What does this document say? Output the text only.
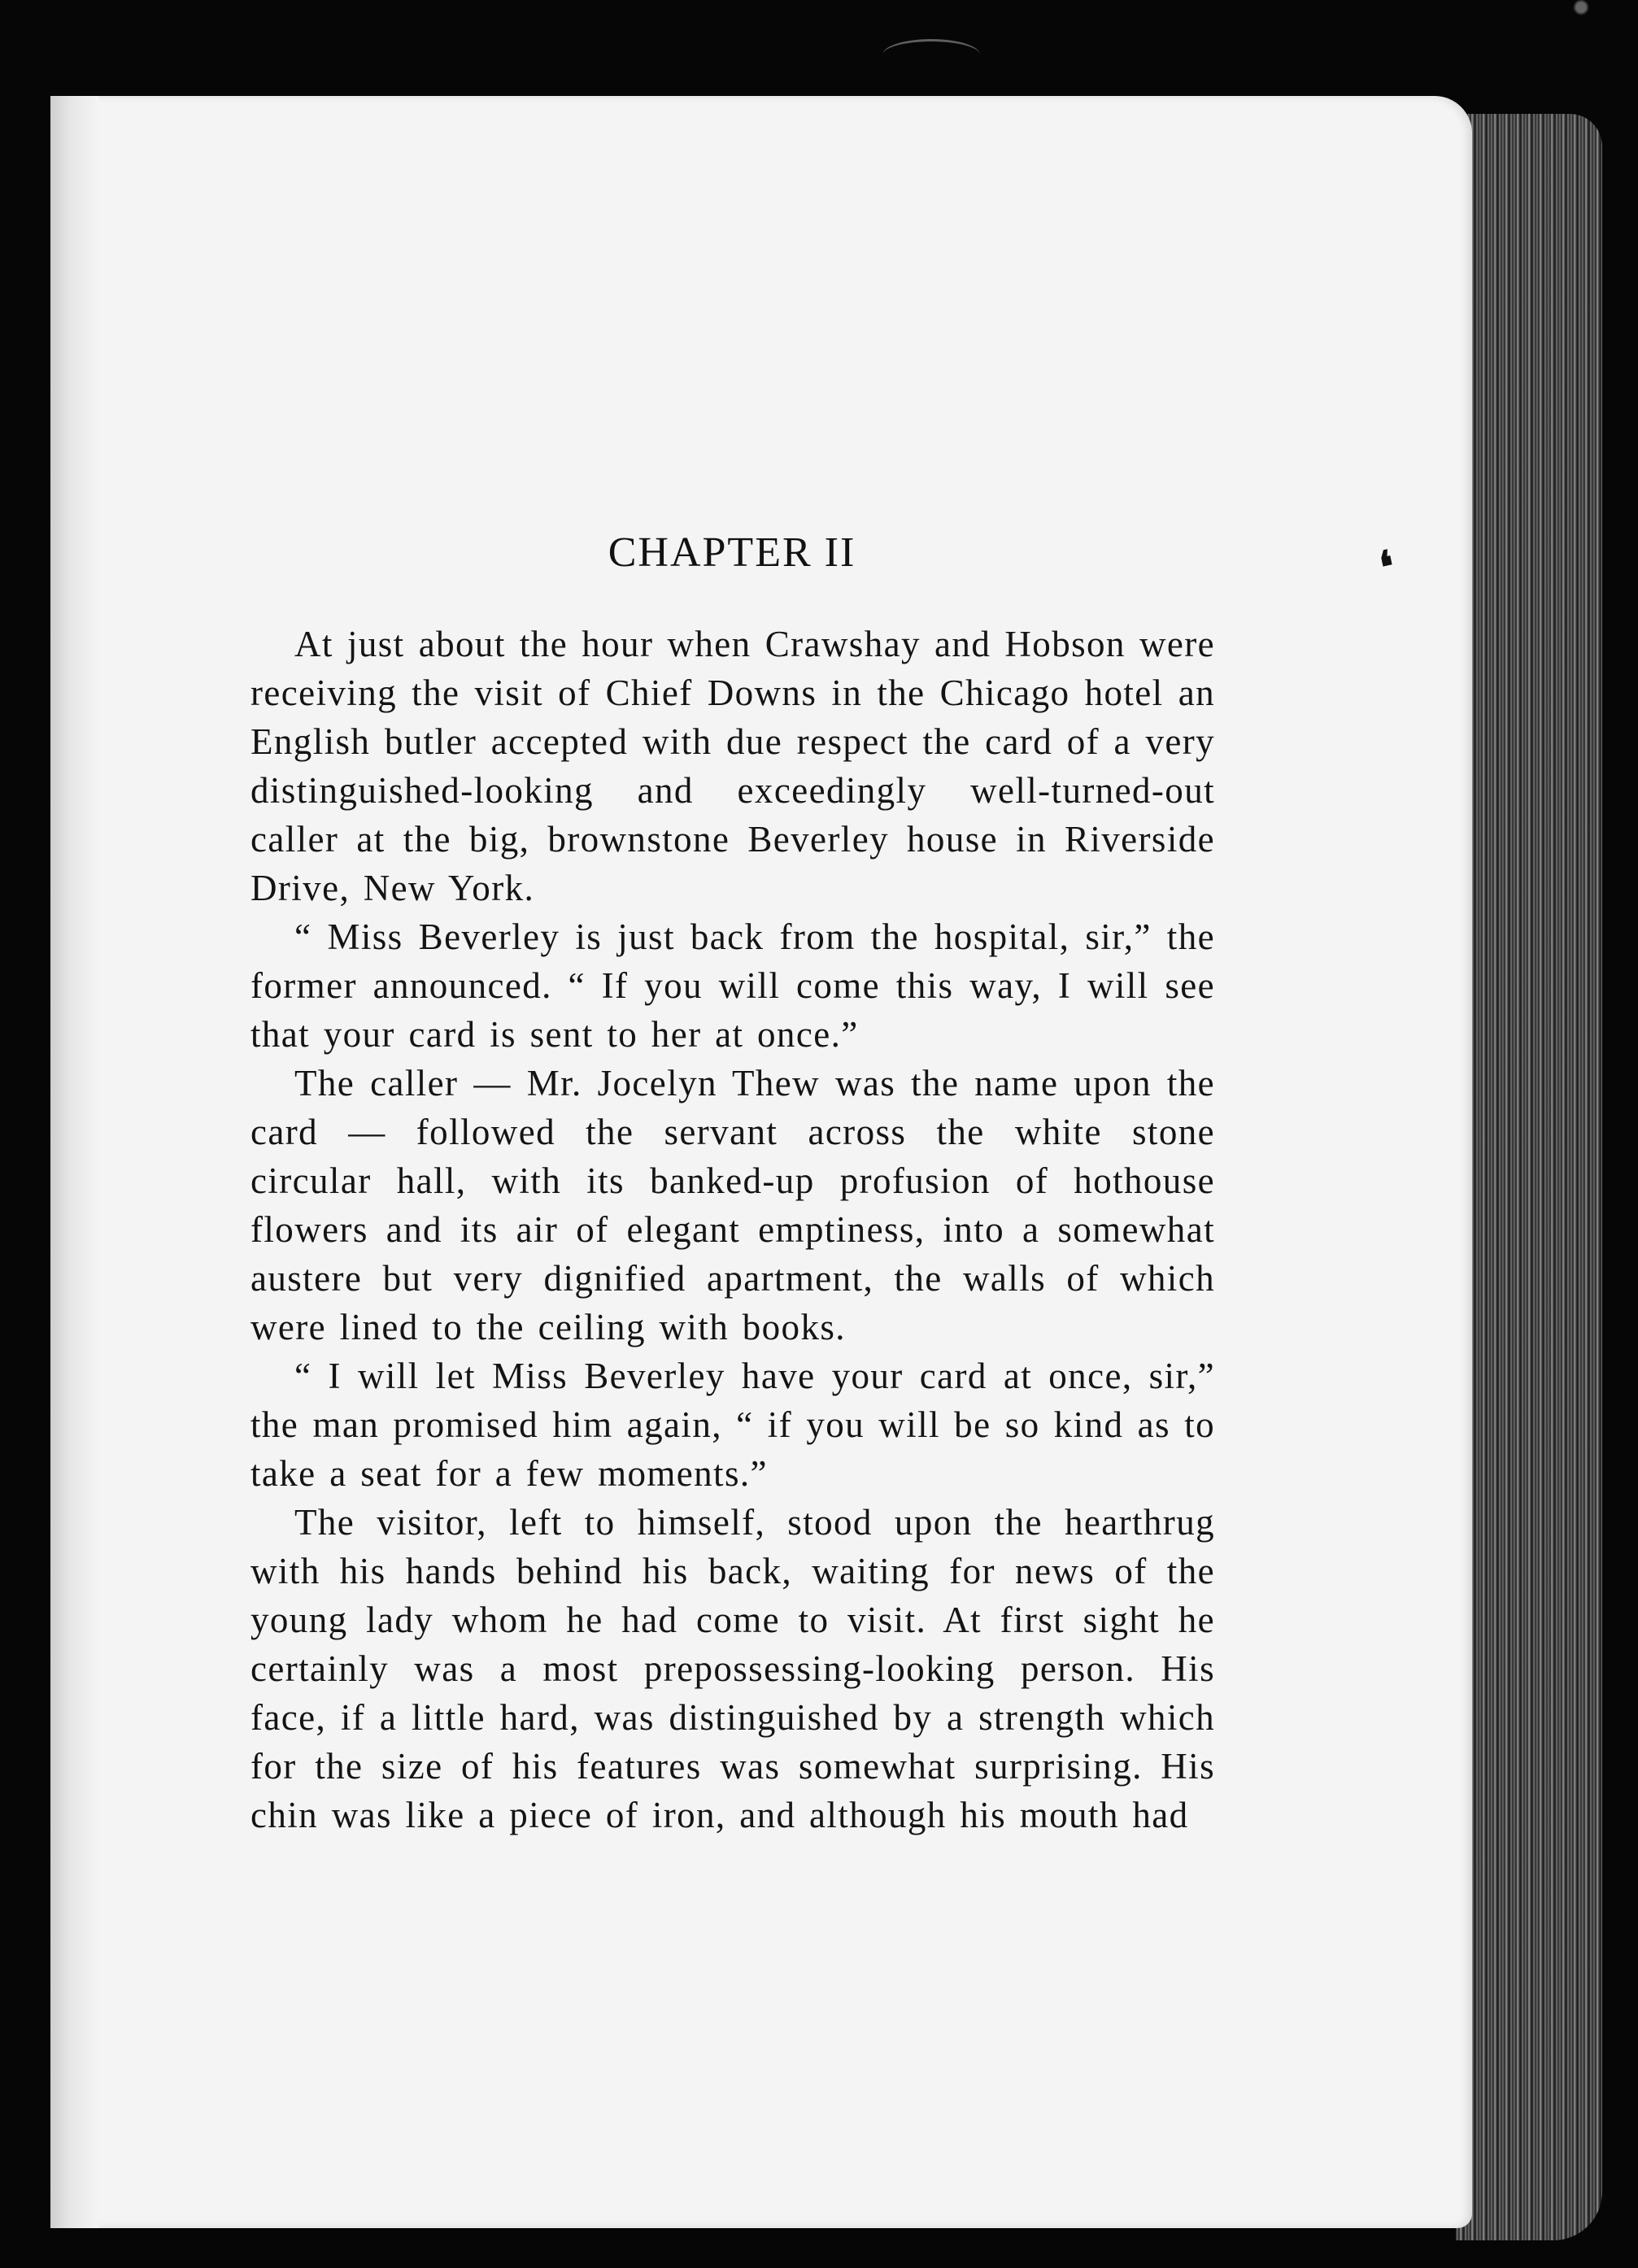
❛
CHAPTER II

At just about the hour when Crawshay and Hobson were receiving the visit of Chief Downs in the Chicago hotel an English butler accepted with due respect the card of a very distinguished-looking and exceedingly well-turned-out caller at the big, brownstone Beverley house in Riverside Drive, New York.

“ Miss Beverley is just back from the hospital, sir,” the former announced. “ If you will come this way, I will see that your card is sent to her at once.”

The caller — Mr. Jocelyn Thew was the name upon the card — followed the servant across the white stone circular hall, with its banked-up profusion of hothouse flowers and its air of elegant emptiness, into a somewhat austere but very dignified apartment, the walls of which were lined to the ceiling with books.

“ I will let Miss Beverley have your card at once, sir,” the man promised him again, “ if you will be so kind as to take a seat for a few moments.”

The visitor, left to himself, stood upon the hearthrug with his hands behind his back, waiting for news of the young lady whom he had come to visit. At first sight he certainly was a most prepossessing-looking person. His face, if a little hard, was distinguished by a strength which for the size of his features was somewhat surprising. His chin was like a piece of iron, and although his mouth had
